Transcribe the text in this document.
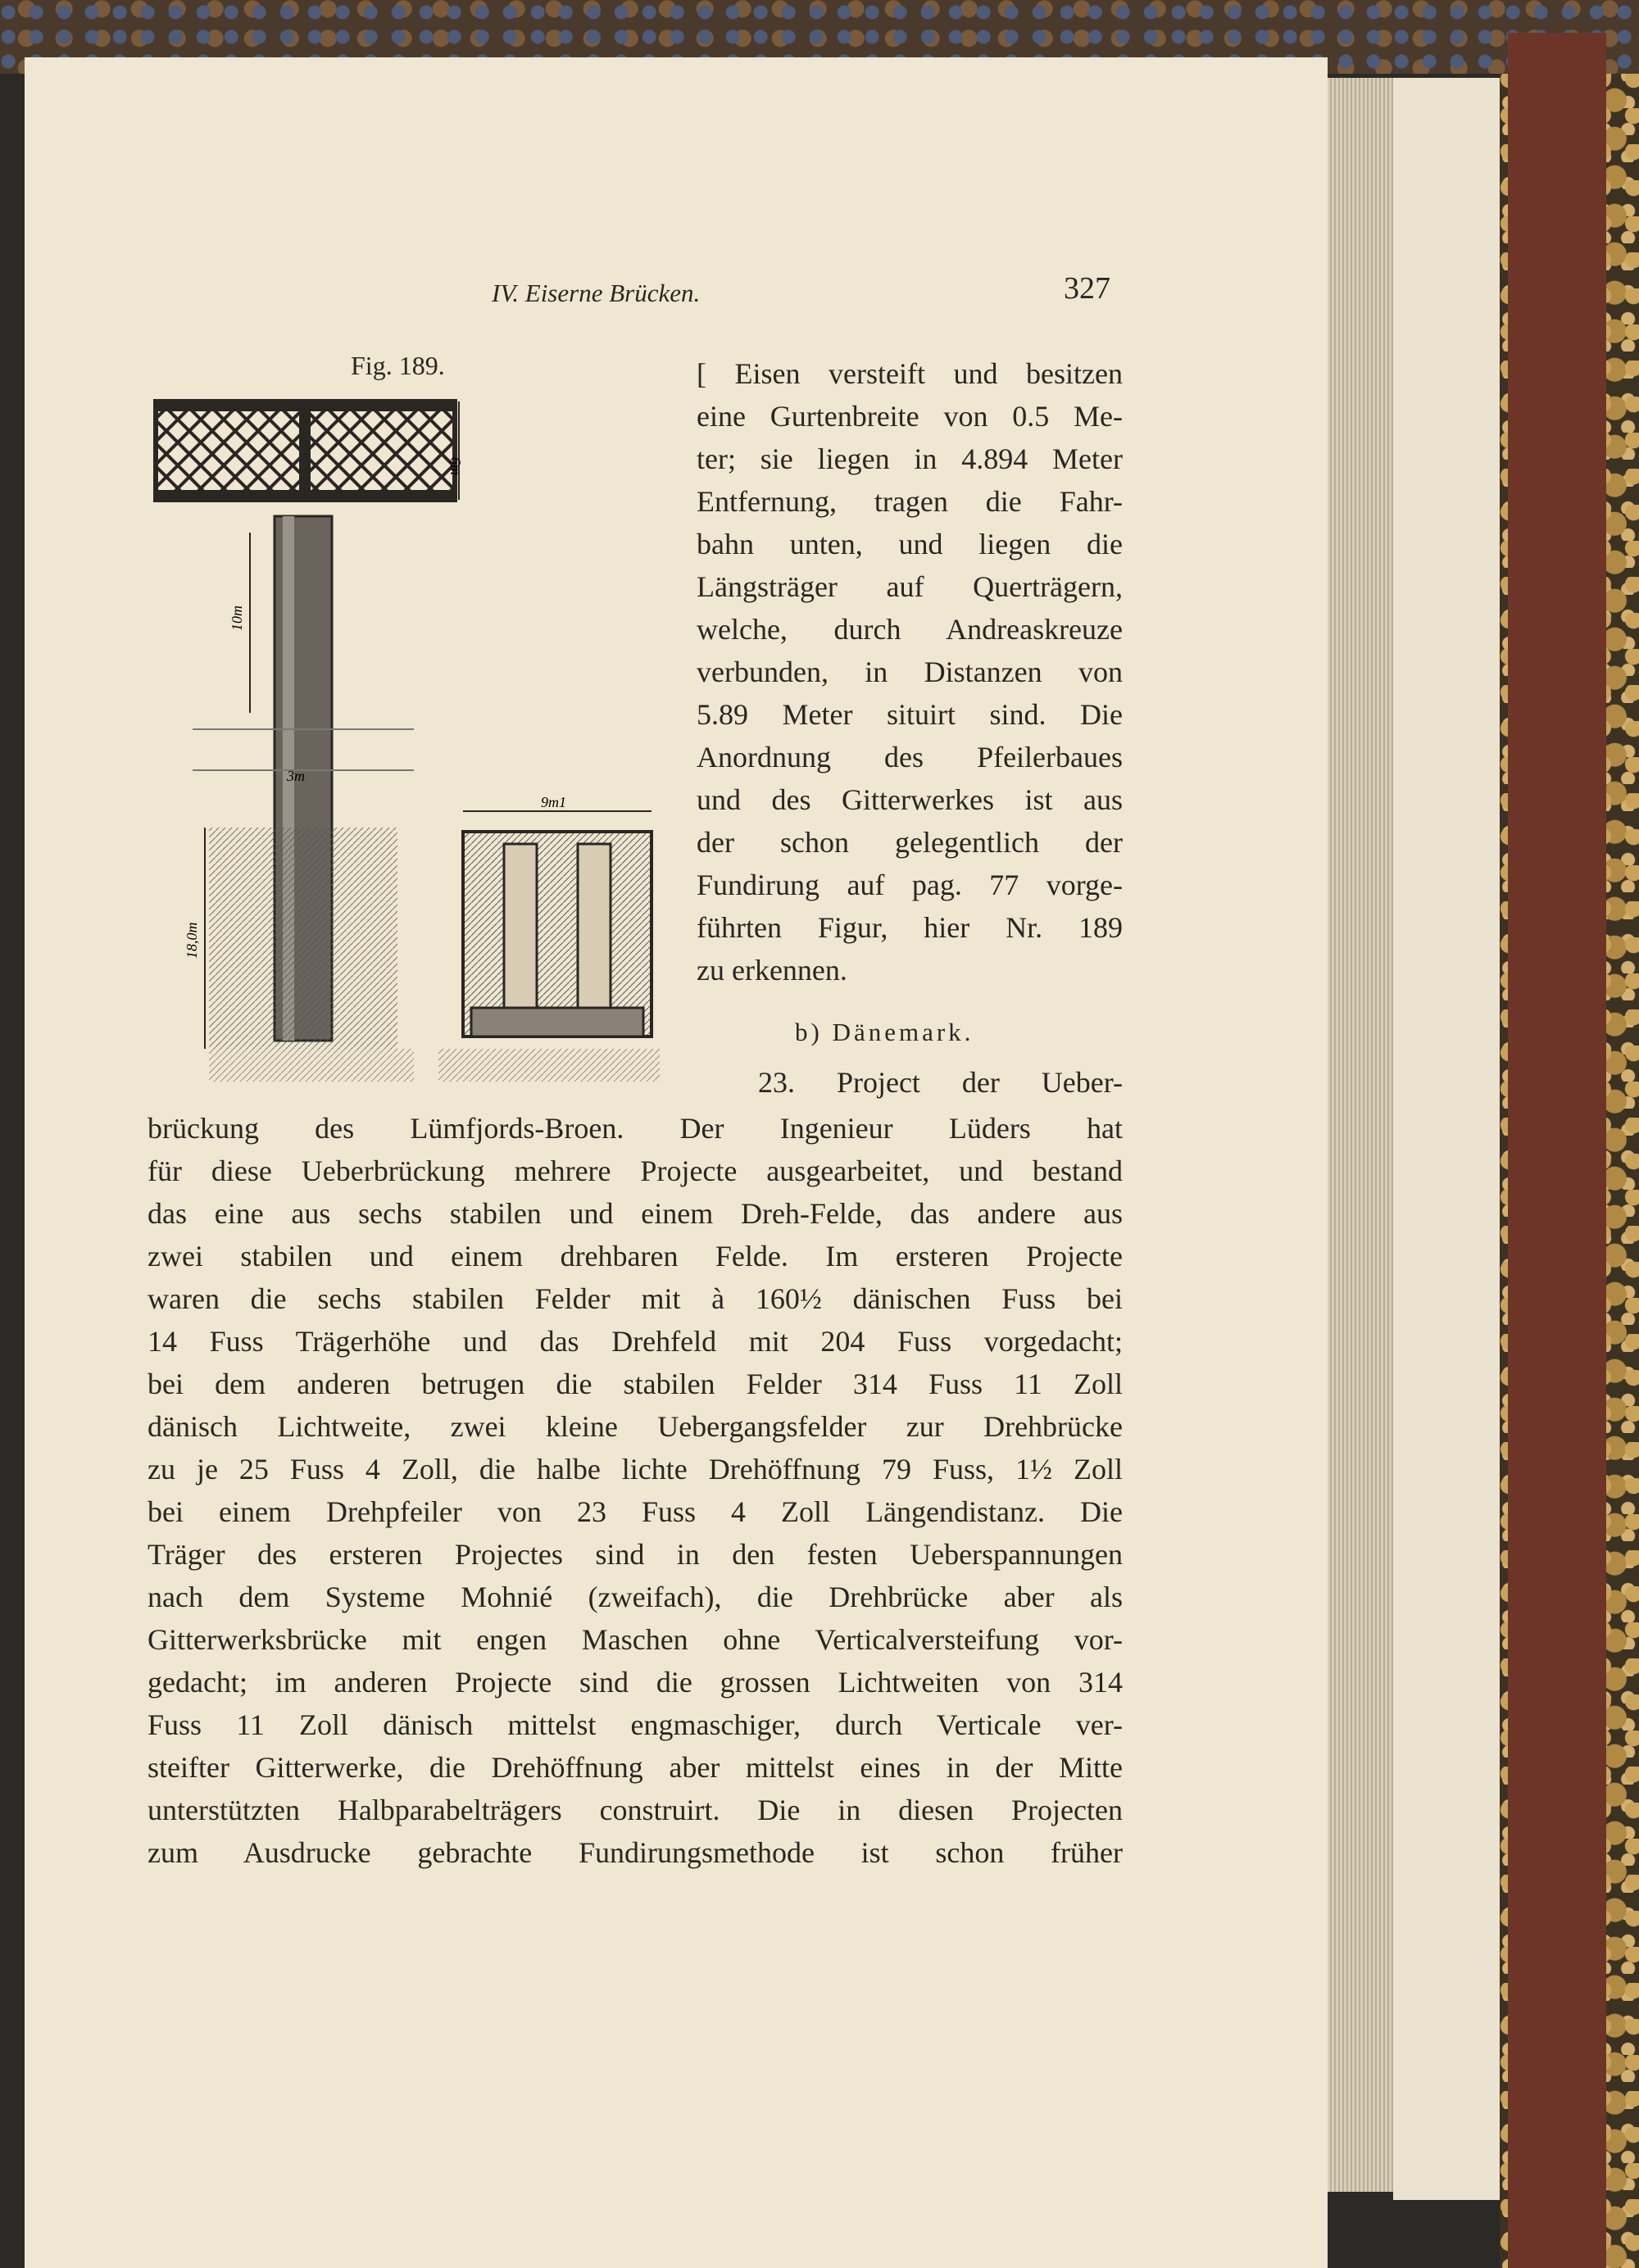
IV. Eiserne Brücken.	327
Fig. 189.
6m
10m
3m
18,0m
9m1
[ Eisen versteift und besitzen
eine Gurtenbreite von 0.5 Me-
ter; sie liegen in 4.894 Meter
Entfernung, tragen die Fahr-
bahn unten, und liegen die
Längsträger auf Querträgern,
welche, durch Andreaskreuze
verbunden, in Distanzen von
5.89 Meter situirt sind. Die
Anordnung des Pfeilerbaues
und des Gitterwerkes ist aus
der schon gelegentlich der
Fundirung auf pag. 77 vorge-
führten Figur, hier Nr. 189
zu erkennen.
b) Dänemark.
23. Project der Ueber-
brückung des Lümfjords-Broen. Der Ingenieur Lüders hat
für diese Ueberbrückung mehrere Projecte ausgearbeitet, und bestand
das eine aus sechs stabilen und einem Dreh-Felde, das andere aus
zwei stabilen und einem drehbaren Felde. Im ersteren Projecte
waren die sechs stabilen Felder mit à 160½ dänischen Fuss bei
14 Fuss Trägerhöhe und das Drehfeld mit 204 Fuss vorgedacht;
bei dem anderen betrugen die stabilen Felder 314 Fuss 11 Zoll
dänisch Lichtweite, zwei kleine Uebergangsfelder zur Drehbrücke
zu je 25 Fuss 4 Zoll, die halbe lichte Drehöffnung 79 Fuss, 1½ Zoll
bei einem Drehpfeiler von 23 Fuss 4 Zoll Längendistanz. Die
Träger des ersteren Projectes sind in den festen Ueberspannungen
nach dem Systeme Mohnié (zweifach), die Drehbrücke aber als
Gitterwerksbrücke mit engen Maschen ohne Verticalversteifung vor-
gedacht; im anderen Projecte sind die grossen Lichtweiten von 314
Fuss 11 Zoll dänisch mittelst engmaschiger, durch Verticale ver-
steifter Gitterwerke, die Drehöffnung aber mittelst eines in der Mitte
unterstützten Halbparabelträgers construirt. Die in diesen Projecten
zum Ausdrucke gebrachte Fundirungsmethode ist schon früher
